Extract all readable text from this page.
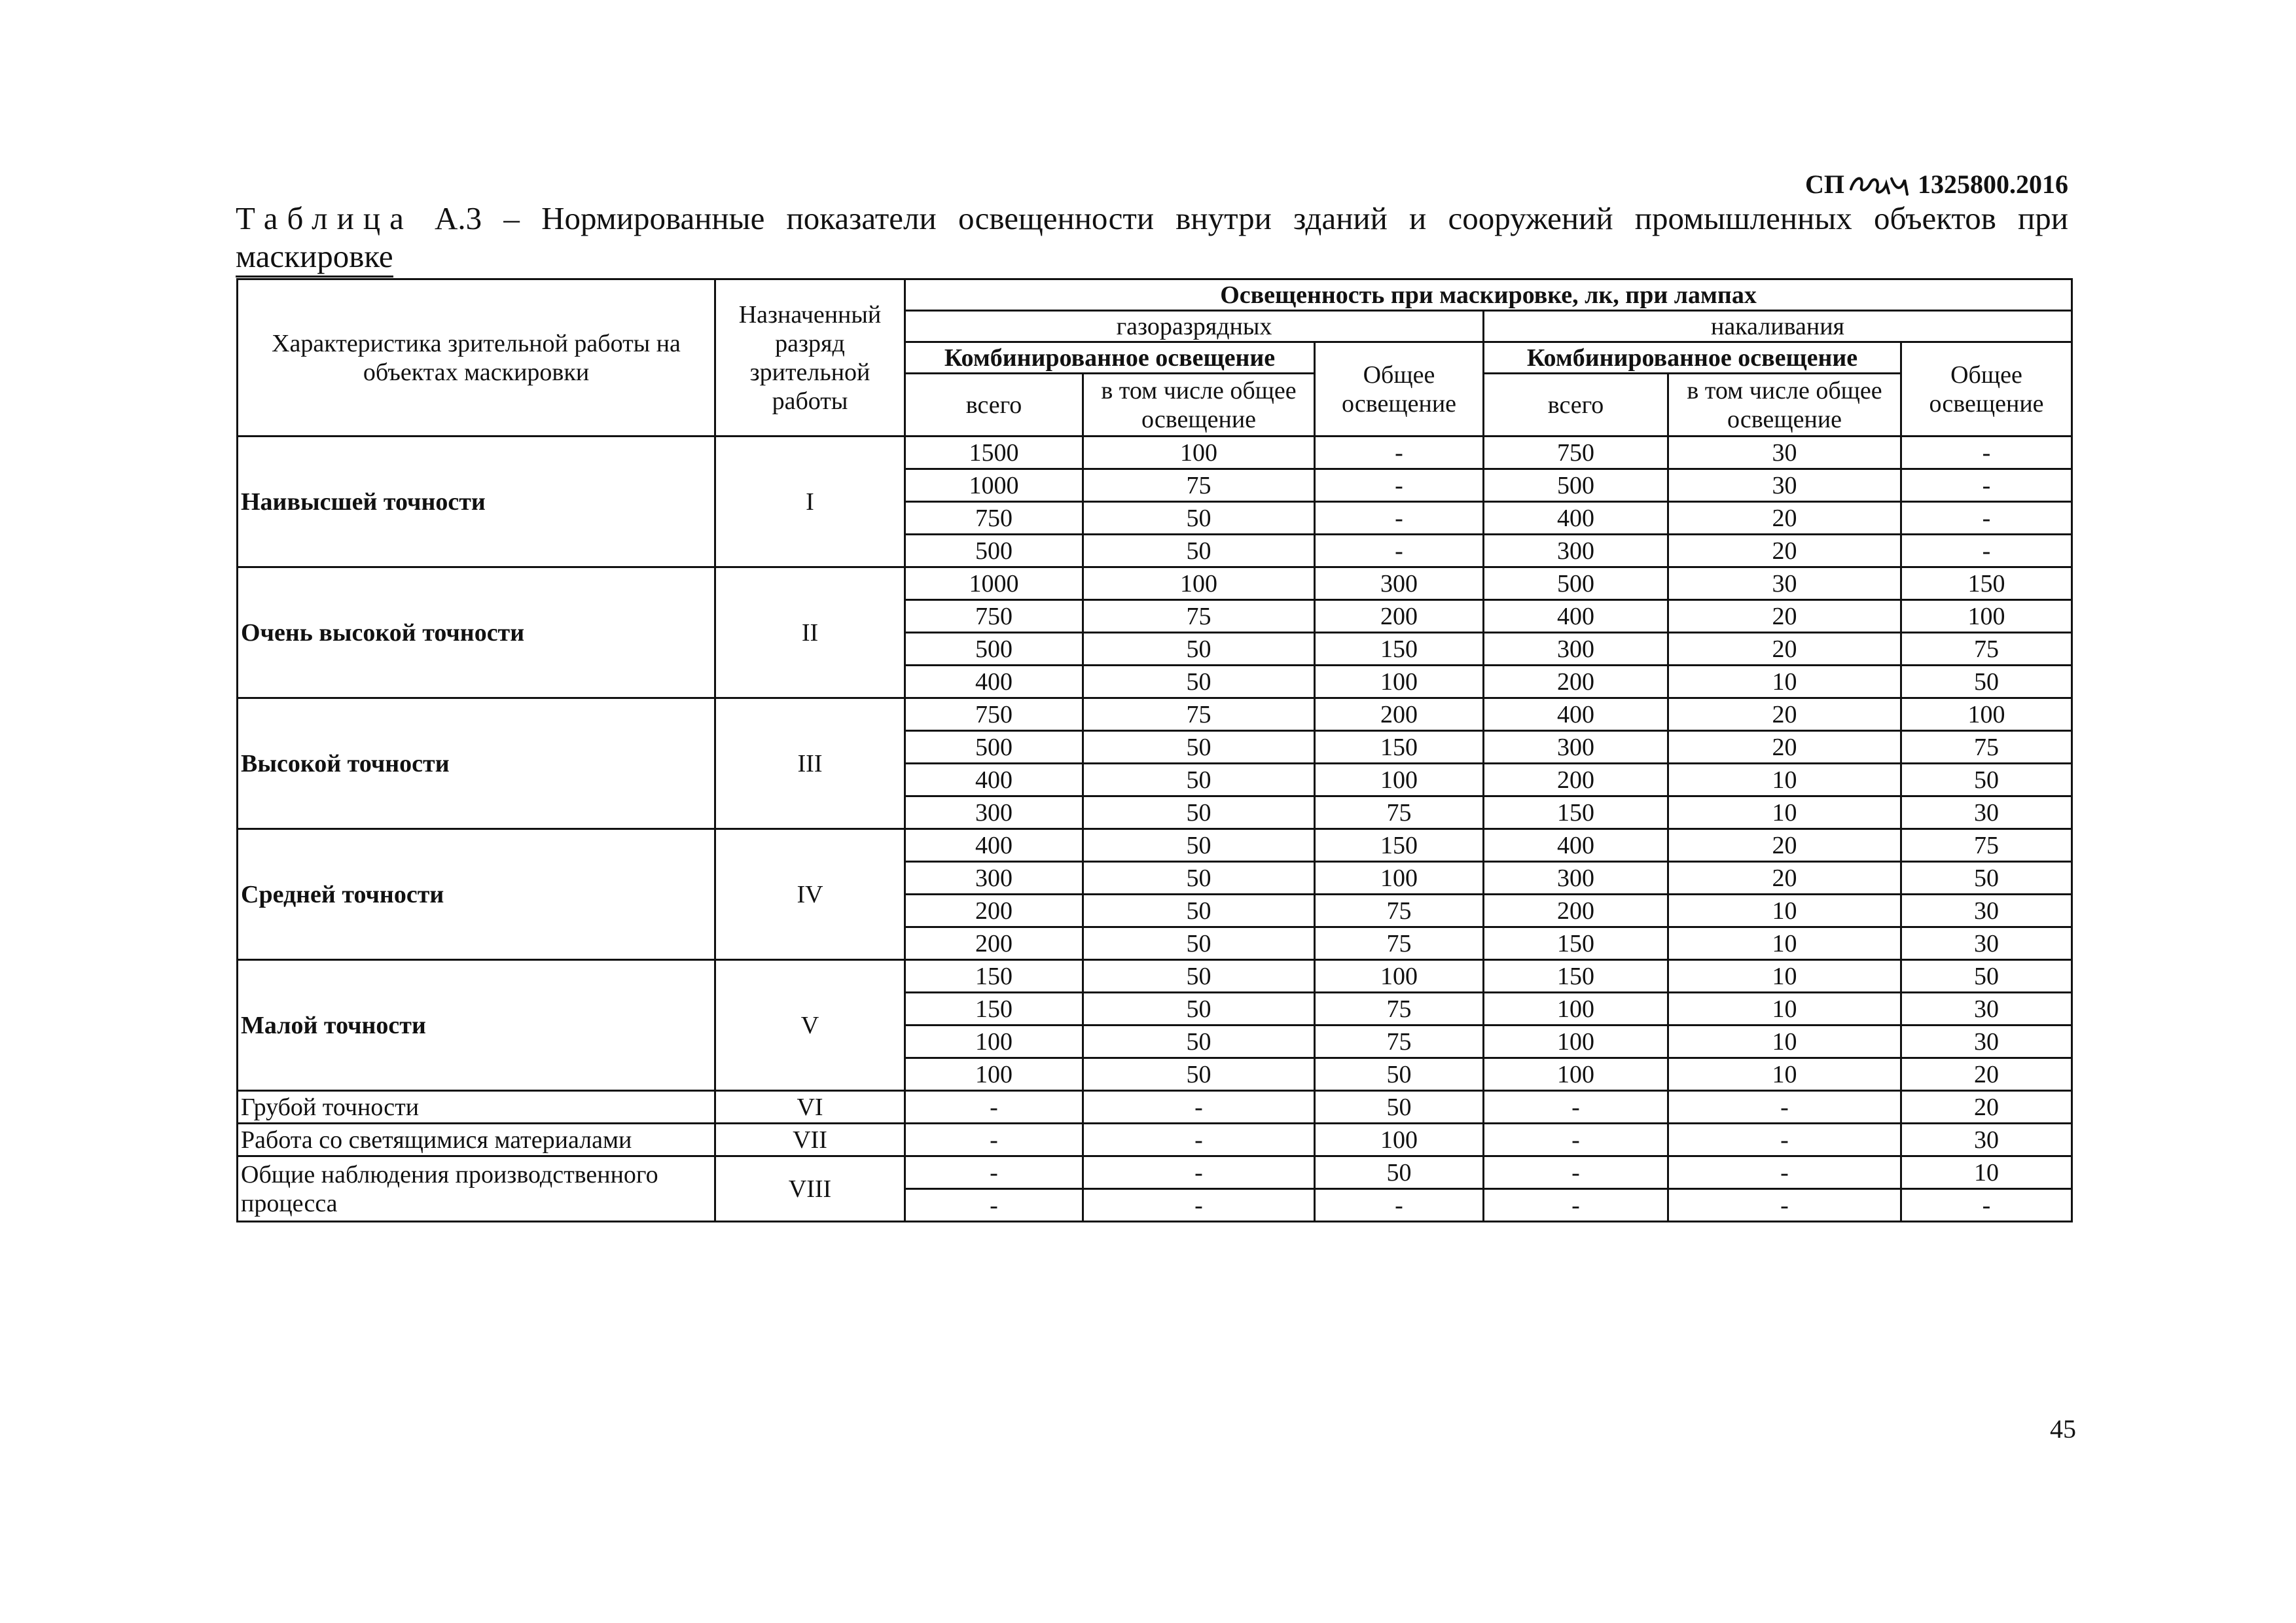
СП	1325800.2016
Таблица А.3 – Нормированные показатели освещенности внутри зданий и сооружений промышленных объектов при
маскировке
Характеристика зрительной работы на объектах маскировки	Назначенный разряд зрительной работы	Освещенность при маскировке, лк, при лампах					
		газоразрядных			накаливания		
		Комбинированное освещение		Общее освещение	Комбинированное освещение		Общее освещение
		всего	в том числе общее освещение		всего	в том числе общее освещение	
Наивысшей точности	I	1500	100	-	750	30	-
		1000	75	-	500	30	-
		750	50	-	400	20	-
		500	50	-	300	20	-
Очень высокой точности	II	1000	100	300	500	30	150
		750	75	200	400	20	100
		500	50	150	300	20	75
		400	50	100	200	10	50
Высокой точности	III	750	75	200	400	20	100
		500	50	150	300	20	75
		400	50	100	200	10	50
		300	50	75	150	10	30
Средней точности	IV	400	50	150	400	20	75
		300	50	100	300	20	50
		200	50	75	200	10	30
		200	50	75	150	10	30
Малой точности	V	150	50	100	150	10	50
		150	50	75	100	10	30
		100	50	75	100	10	30
		100	50	50	100	10	20
Грубой точности	VI	-	-	50	-	-	20
Работа со светящимися материалами	VII	-	-	100	-	-	30
Общие наблюдения производственного процесса	VIII	-	-	50	-	-	10
		-	-	-	-	-	-
45
